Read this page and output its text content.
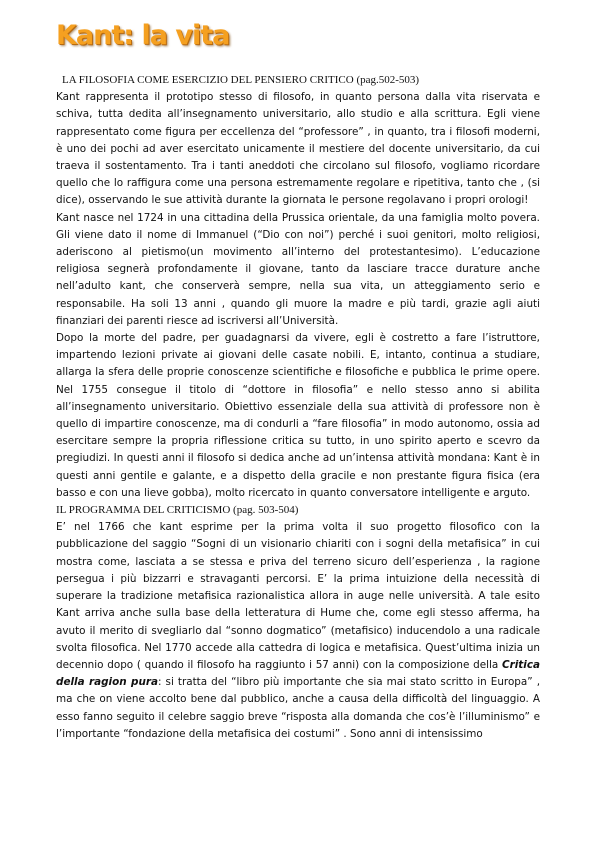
Kant: la vita

LA FILOSOFIA COME ESERCIZIO DEL PENSIERO CRITICO (pag.502-503)

Kant rappresenta il prototipo stesso di filosofo, in quanto persona dalla vita riservata e schiva, tutta dedita all’insegnamento universitario, allo studio e alla scrittura. Egli viene rappresentato come figura per eccellenza del “professore” , in quanto, tra i filosofi moderni, è uno dei pochi ad aver esercitato unicamente il mestiere del docente universitario, da cui traeva il sostentamento. Tra i tanti aneddoti che circolano sul filosofo, vogliamo ricordare quello che lo raffigura come una persona estremamente regolare e ripetitiva, tanto che , (si dice), osservando le sue attività durante la giornata le persone regolavano i propri orologi!

Kant nasce nel 1724 in una cittadina della Prussica orientale, da una famiglia molto povera. Gli viene dato il nome di Immanuel (“Dio con noi”) perché i suoi genitori, molto religiosi, aderiscono al pietismo(un movimento all’interno del protestantesimo). L’educazione religiosa segnerà profondamente il giovane, tanto da lasciare tracce durature anche nell’adulto kant, che conserverà sempre, nella sua vita, un atteggiamento serio e responsabile. Ha soli 13 anni , quando gli muore la madre e più tardi, grazie agli aiuti finanziari dei parenti riesce ad iscriversi all’Università.

Dopo la morte del padre, per guadagnarsi da vivere, egli è costretto a fare l’istruttore, impartendo lezioni private ai giovani delle casate nobili. E, intanto, continua a studiare, allarga la sfera delle proprie conoscenze scientifiche e filosofiche e pubblica le prime opere. Nel 1755 consegue il titolo di “dottore in filosofia” e nello stesso anno si abilita all’insegnamento universitario. Obiettivo essenziale della sua attività di professore non è quello di impartire conoscenze, ma di condurli a “fare filosofia” in modo autonomo, ossia ad esercitare sempre la propria riflessione critica su tutto, in uno spirito aperto e scevro da pregiudizi. In questi anni il filosofo si dedica anche ad un’intensa attività mondana: Kant è in questi anni gentile e galante, e a dispetto della gracile e non prestante figura fisica (era basso e con una lieve gobba), molto ricercato in quanto conversatore intelligente e arguto.

IL PROGRAMMA DEL CRITICISMO (pag. 503-504)

E’ nel 1766 che kant esprime per la prima volta il suo progetto filosofico con la pubblicazione del saggio “Sogni di un visionario chiariti con i sogni della metafisica” in cui mostra come, lasciata a se stessa e priva del terreno sicuro dell’esperienza , la ragione persegua i più bizzarri e stravaganti percorsi. E’ la prima intuizione della necessità di superare la tradizione metafisica razionalistica allora in auge nelle università. A tale esito Kant arriva anche sulla base della letteratura di Hume che, come egli stesso afferma, ha avuto il merito di svegliarlo dal “sonno dogmatico” (metafisico) inducendolo a una radicale svolta filosofica. Nel 1770 accede alla cattedra di logica e metafisica. Quest’ultima inizia un decennio dopo ( quando il filosofo ha raggiunto i 57 anni) con la composizione della Critica della ragion pura: si tratta del “libro più importante che sia mai stato scritto in Europa” , ma che on viene accolto bene dal pubblico, anche a causa della difficoltà del linguaggio. A esso fanno seguito il celebre saggio breve “risposta alla domanda che cos’è l’illuminismo” e l’importante “fondazione della metafisica dei costumi” . Sono anni di intensissimo
